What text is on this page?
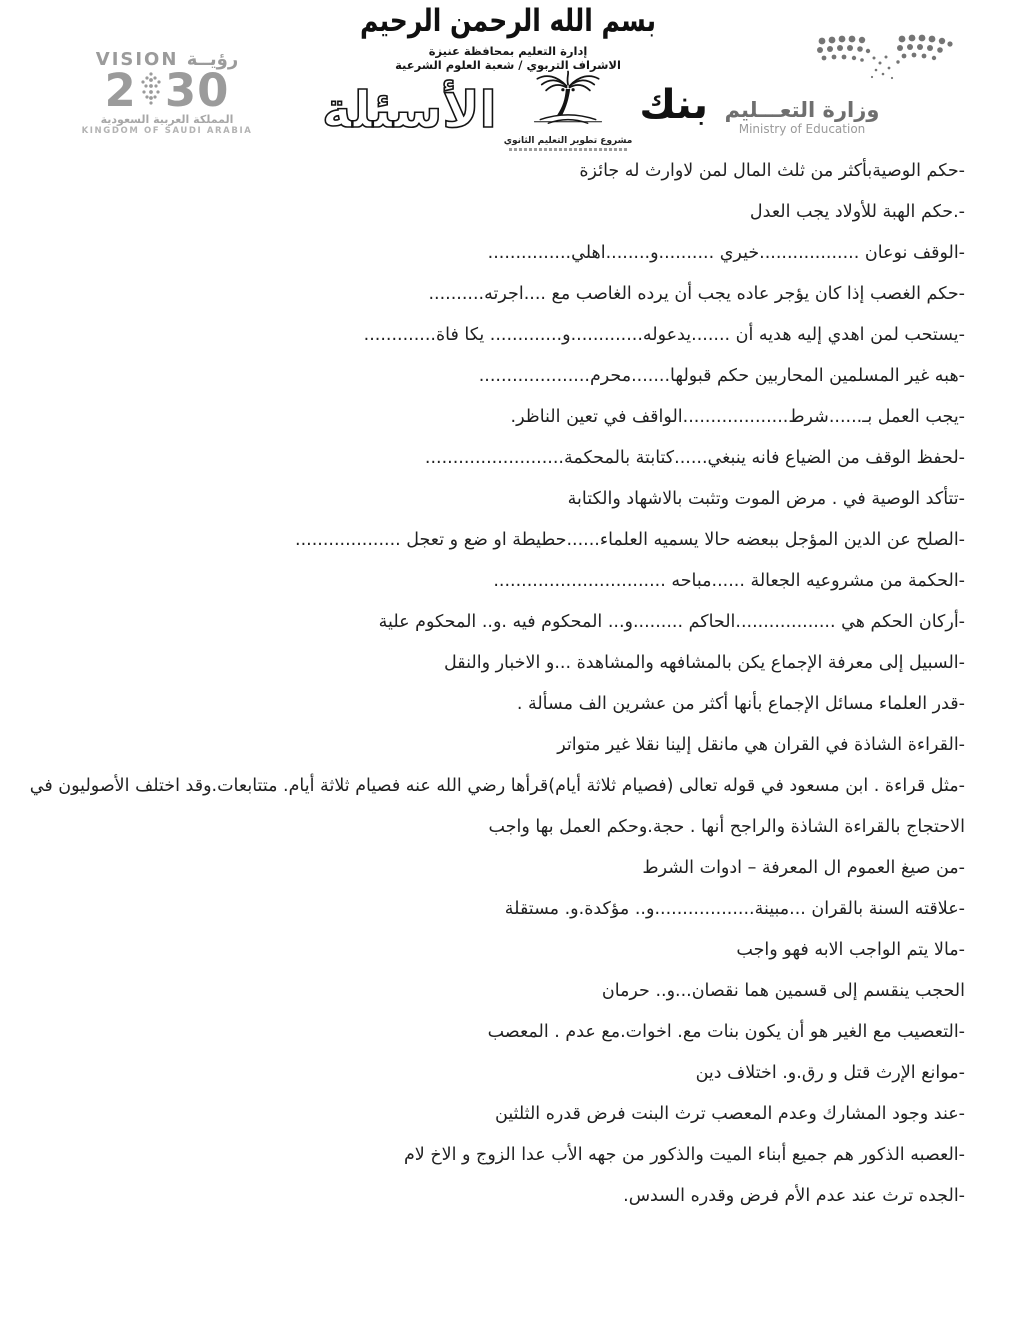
VISION رؤيــة
2 30
المملكة العربية السعودية
KINGDOM OF SAUDI ARABIA
بسم الله الرحمن الرحيم
إدارة التعليم بمحافظة عنيزة
الاشراف التربوي / شعبة العلوم الشرعية
الأسئلة
مشروع تطوير التعليم الثانوي
بنك وزارة التعـــليم
Ministry of Education
-حكم الوصيةبأكثر من ثلث المال لمن لاوارث له جائزة
-.حكم الهبة للأولاد يجب العدل
-الوقف نوعان ..................خيري ..........و........اهلي...............
-حكم الغصب إذا كان يؤجر عاده يجب أن يرده الغاصب مع ....اجرته..........
-يستحب لمن اهدي إليه هديه أن .......يدعوله.............و............. يكا فاة.............
-هبه غير المسلمين المحاربين حكم قبولها.......محرم....................
-يجب العمل بـ......شرط...................الواقف في تعين الناظر.
-لحفظ الوقف من الضياع فانه ينبغي......كتابتة بالمحكمة.........................
-تتأكد الوصية في . مرض الموت وتثبت بالاشهاد والكتابة
-الصلح عن الدين المؤجل ببعضه حالا يسميه العلماء......حطيطة او ضع و تعجل ...................
-الحكمة من مشروعيه الجعالة ......مباحه ...............................
-أركان الحكم هي ..................الحاكم .........و... المحكوم فيه .و.. المحكوم علية
-السبيل إلى معرفة الإجماع يكن بالمشافهه والمشاهدة ...و الاخبار والنقل
-قدر العلماء مسائل الإجماع بأنها أكثر من عشرين الف مسألة .
-القراءة الشاذة في القران هي مانقل إلينا نقلا غير متواتر
-مثل قراءة . ابن مسعود في قوله تعالى (فصيام ثلاثة أيام)قرأها رضي الله عنه فصيام ثلاثة أيام. متتابعات.وقد اختلف الأصوليون في الاحتجاج بالقراءة الشاذة والراجح أنها . حجة.وحكم العمل بها واجب
-من صيغ العموم ال المعرفة – ادوات الشرط
-علاقته السنة بالقران ...مبينة..................و.. مؤكدة.و. مستقلة
-مالا يتم الواجب الابه فهو واجب
الحجب ينقسم إلى قسمين هما نقصان...و.. حرمان
-التعصيب مع الغير هو أن يكون بنات مع. اخوات.مع عدم . المعصب
-موانع الإرث قتل و رق.و. اختلاف دين
-عند وجود المشارك وعدم المعصب ترث البنت فرض قدره الثلثين
-العصبه الذكور هم جميع أبناء الميت والذكور من جهه الأب عدا الزوج و الاخ لام
-الجده ترث عند عدم الأم فرض وقدره السدس.
